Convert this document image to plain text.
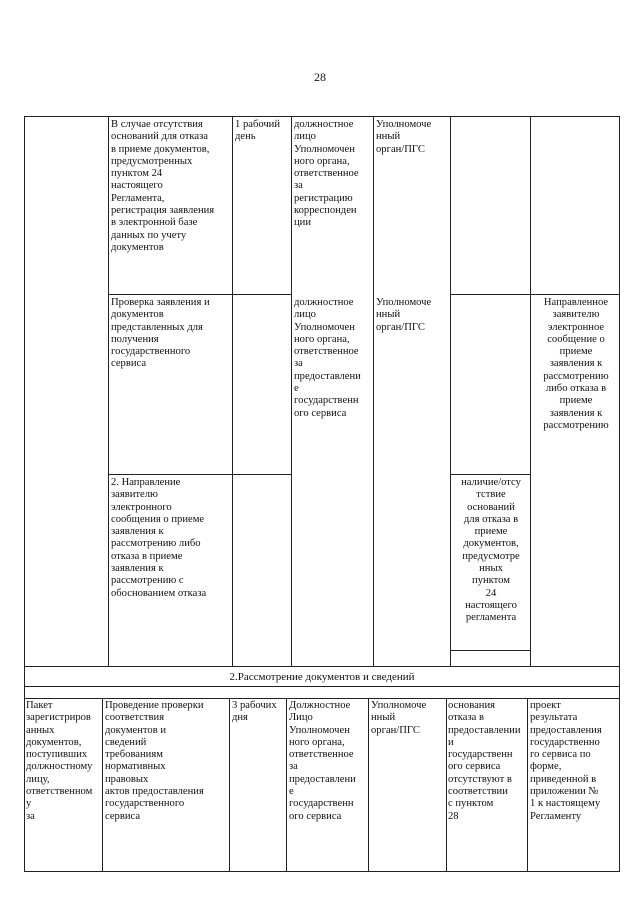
28
В случае отсутствия
оснований для отказа
в приеме документов,
предусмотренных
пунктом 24
настоящего
Регламента,
регистрация заявления
в электронной базе
данных по учету
документов
1 рабочий
день
должностное
лицо
Уполномочен
ного органа,
ответственное
за
регистрацию
корреспонден
ции
Уполномоче
нный
орган/ПГС
Проверка заявления и
документов
представленных для
получения
государственного
сервиса
должностное
лицо
Уполномочен
ного органа,
ответственное
за
предоставлени
е
государственн
ого сервиса
Уполномоче
нный
орган/ПГС
Направленное
заявителю
электронное
сообщение о
приеме
заявления к
рассмотрению
либо отказа в
приеме
заявления к
рассмотрению
2. Направление
заявителю
электронного
сообщения о приеме
заявления к
рассмотрению либо
отказа в приеме
заявления к
рассмотрению с
обоснованием отказа
наличие/отсу
тствие
оснований
для отказа в
приеме
документов,
предусмотре
нных
пунктом
24
настоящего
регламента
2.Рассмотрение документов и сведений
Пакет
зарегистриров
анных
документов,
поступивших
должностному
лицу,
ответственном
у
за
Проведение проверки
соответствия
документов и
сведений
требованиям
нормативных
правовых
актов предоставления
государственного
сервиса
3 рабочих
дня
Должностное
Лицо
Уполномочен
ного органа,
ответственное
за
предоставлени
е
государственн
ого сервиса
Уполномоче
нный
орган/ПГС
основания
отказа в
предоставлении
и
государственн
ого сервиса
отсутствуют в
соответствии
с пунктом
28
проект
результата
предоставления
государственно
го сервиса по
форме,
приведенной в
приложении №
1 к настоящему
Регламенту
